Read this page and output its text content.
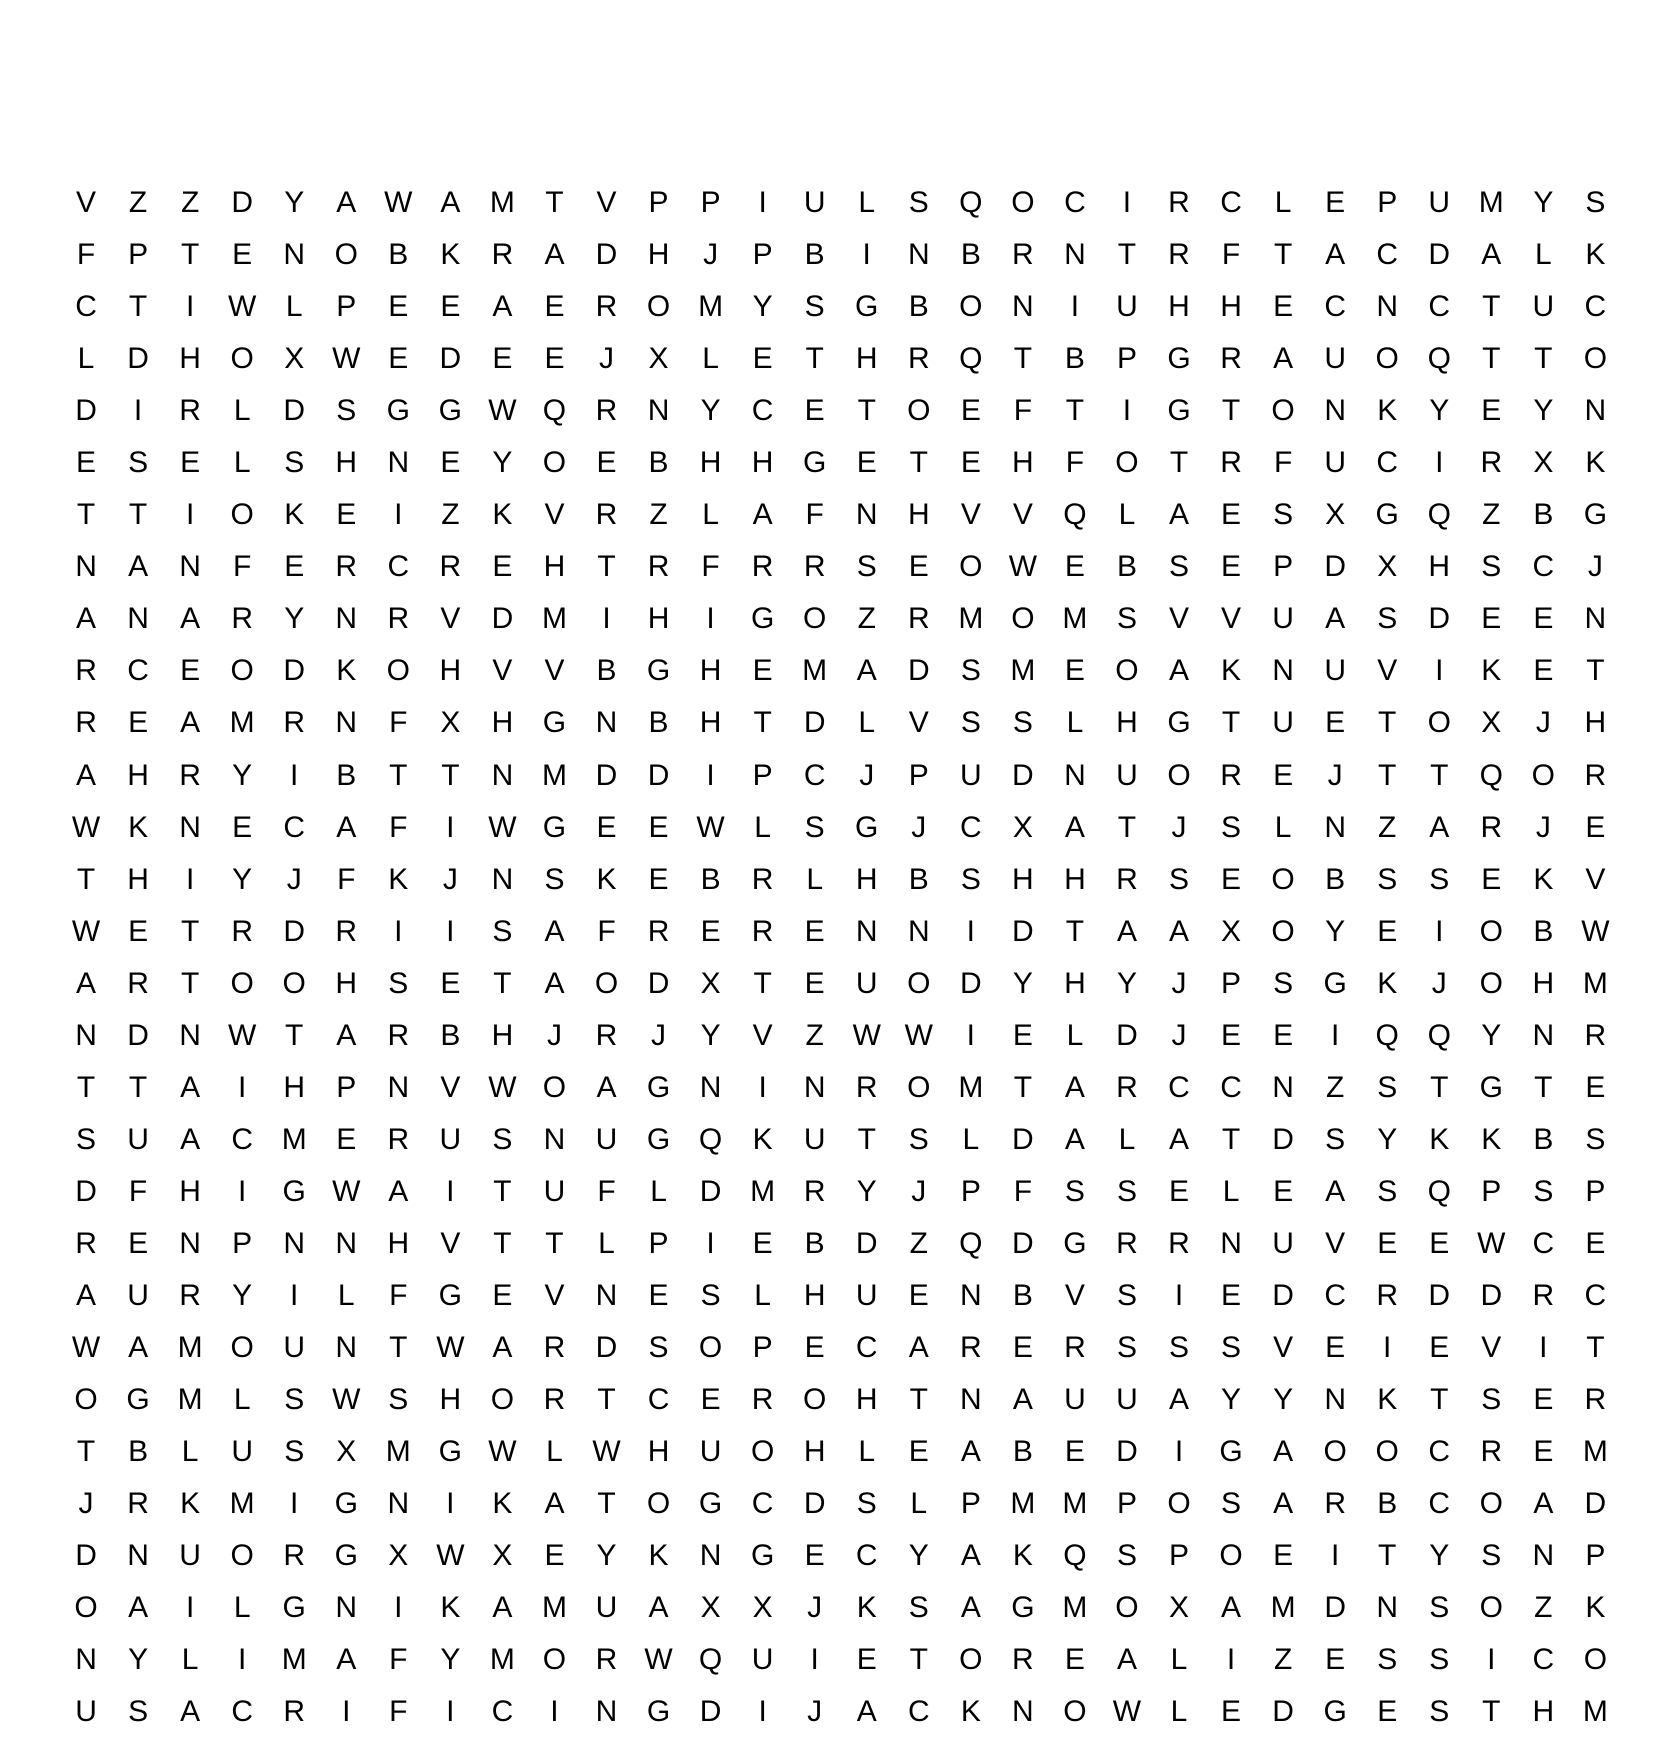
V	Z	Z	D	Y	A W A M	T	V	P	P	I	U	L	S	Q O C	I	R	C	L	E	P	U M Y	S
F	P	T	E	N O	B	K	R	A	D	H	J	P	B	I	N	B	R	N	T	R	F	T	A	C	D	A	L	K
C	T	I	W L	P	E	E	A	E	R O M Y	S	G	B	O N	I	U	H	H	E	C	N	C	T	U	C
L	D	H O	X W E	D	E	E	J	X	L	E	T	H	R Q	T	B	P	G R	A	U O Q	T	T	O
D	I	R	L	D	S	G G W Q R	N	Y	C	E	T	O	E	F	T	I	G	T	O N	K	Y	E	Y	N
E	S	E	L	S	H	N	E	Y	O	E	B	H	H G	E	T	E	H	F	O	T	R	F	U	C	I	R	X	K
T	T	I	O	K	E	I	Z	K	V	R	Z	L	A	F	N	H	V	V	Q	L	A	E	S	X	G Q	Z	B	G
N	A	N	F	E	R	C	R	E	H	T	R	F	R	R	S	E	O W E	B	S	E	P	D	X	H	S	C	J
A	N	A	R	Y	N	R	V	D M	I	H	I	G O	Z	R M O M S	V	V	U	A	S	D	E	E	N
R	C	E	O D	K	O H	V	V	B	G H	E M A	D	S M E	O	A	K	N	U	V	I	K	E	T
R	E	A M R	N	F	X	H G N	B	H	T	D	L	V	S	S	L	H G	T	U	E	T	O	X	J	H
A	H	R	Y	I	B	T	T	N M D	D	I	P	C	J	P	U	D	N	U O R	E	J	T	T	Q O R
W K	N	E	C	A	F	I	W G	E	E W L	S	G	J	C	X	A	T	J	S	L	N	Z	A	R	J	E
T	H	I	Y	J	F	K	J	N	S	K	E	B	R	L	H	B	S	H	H	R	S	E	O	B	S	S	E	K	V
W E	T	R	D	R	I	I	S	A	F	R	E	R	E	N	N	I	D	T	A	A	X	O	Y	E	I	O	B W
A	R	T	O O H	S	E	T	A	O D	X	T	E	U O D	Y	H	Y	J	P	S	G	K	J	O H M
N	D	N W T	A	R	B	H	J	R	J	Y	V	Z W W	I	E	L	D	J	E	E	I	Q Q	Y	N	R
T	T	A	I	H	P	N	V W O	A	G N	I	N	R O M	T	A	R	C	C	N	Z	S	T	G	T	E
S	U	A	C M E	R	U	S	N	U G Q	K	U	T	S	L	D	A	L	A	T	D	S	Y	K	K	B	S
D	F	H	I	G W A	I	T	U	F	L	D M R	Y	J	P	F	S	S	E	L	E	A	S	Q	P	S	P
R	E	N	P	N	N	H	V	T	T	L	P	I	E	B	D	Z	Q D G R	R	N	U	V	E	E W C	E
A	U	R	Y	I	L	F	G	E	V	N	E	S	L	H	U	E	N	B	V	S	I	E	D	C	R	D	D	R	C
W A M O U	N	T W A	R	D	S	O	P	E	C	A	R	E	R	S	S	S	V	E	I	E	V	I	T
O G M	L	S W S	H O R	T	C	E	R O H	T	N	A	U	U	A	Y	Y	N	K	T	S	E	R
T	B	L	U	S	X M G W L W H	U O H	L	E	A	B	E	D	I	G	A	O O C	R	E M
J	R	K M	I	G N	I	K	A	T	O G C	D	S	L	P M M P	O	S	A	R	B	C O	A	D
D	N	U O R G	X W X	E	Y	K	N G	E	C	Y	A	K	Q	S	P	O	E	I	T	Y	S	N	P
O	A	I	L	G N	I	K	A M U	A	X	X	J	K	S	A	G M O	X	A M D	N	S	O	Z	K
N	Y	L	I	M A	F	Y M O R W Q U	I	E	T	O R	E	A	L	I	Z	E	S	S	I	C O
U	S	A	C	R	I	F	I	C	I	N G D	I	J	A	C	K	N O W L	E	D G	E	S	T	H M
